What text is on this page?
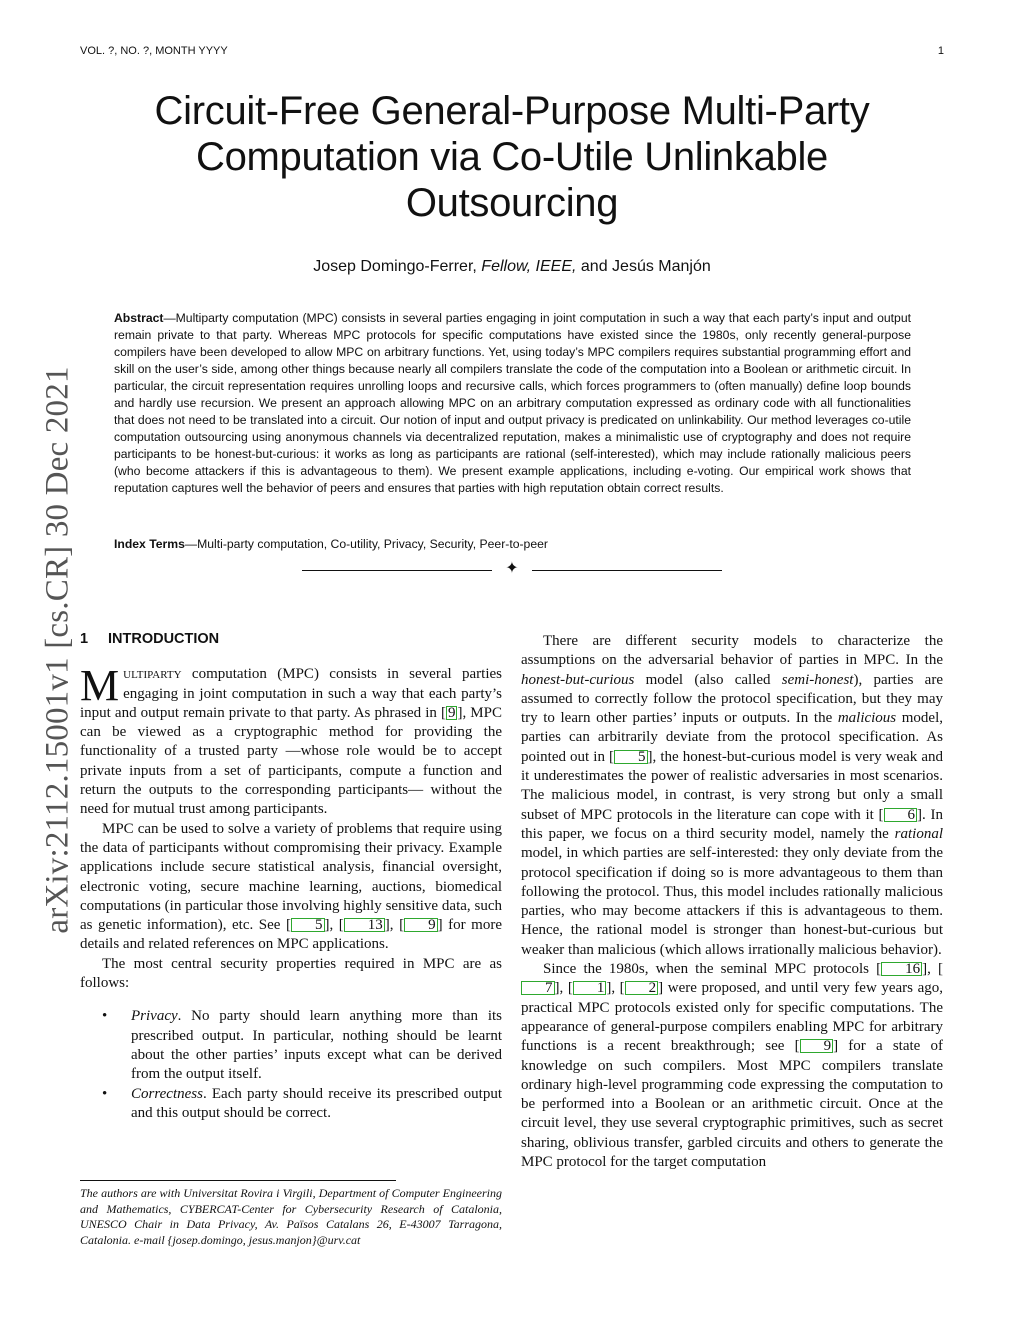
VOL. ?, NO. ?, MONTH YYYY	1
Circuit-Free General-Purpose Multi-Party Computation via Co-Utile Unlinkable Outsourcing
Josep Domingo-Ferrer, Fellow, IEEE, and Jesús Manjón
arXiv:2112.15001v1 [cs.CR] 30 Dec 2021

Abstract—Multiparty computation (MPC) consists in several parties engaging in joint computation in such a way that each party’s input and output remain private to that party. Whereas MPC protocols for specific computations have existed since the 1980s, only recently general-purpose compilers have been developed to allow MPC on arbitrary functions. Yet, using today’s MPC compilers requires substantial programming effort and skill on the user’s side, among other things because nearly all compilers translate the code of the computation into a Boolean or arithmetic circuit. In particular, the circuit representation requires unrolling loops and recursive calls, which forces programmers to (often manually) define loop bounds and hardly use recursion. We present an approach allowing MPC on an arbitrary computation expressed as ordinary code with all functionalities that does not need to be translated into a circuit. Our notion of input and output privacy is predicated on unlinkability. Our method leverages co-utile computation outsourcing using anonymous channels via decentralized reputation, makes a minimalistic use of cryptography and does not require participants to be honest-but-curious: it works as long as participants are rational (self-interested), which may include rationally malicious peers (who become attackers if this is advantageous to them). We present example applications, including e-voting. Our empirical work shows that reputation captures well the behavior of peers and ensures that parties with high reputation obtain correct results.

Index Terms—Multi-party computation, Co-utility, Privacy, Security, Peer-to-peer

✦
1 INTRODUCTION

Multiparty computation (MPC) consists in several parties engaging in joint computation in such a way that each party’s input and output remain private to that party. As phrased in [ 9 ], MPC can be viewed as a cryptographic method for providing the functionality of a trusted party —whose role would be to accept private inputs from a set of participants, compute a function and return the outputs to the corresponding participants— without the need for mutual trust among participants.

MPC can be used to solve a variety of problems that require using the data of participants without compromising their privacy. Example applications include secure statistical analysis, financial oversight, electronic voting, secure machine learning, auctions, biomedical computations (in particular those involving highly sensitive data, such as genetic information), etc. See [ 5 ], [ 13 ], [ 9 ] for more details and related references on MPC applications.

The most central security properties required in MPC are as follows:

• Privacy. No party should learn anything more than its prescribed output. In particular, nothing should be learnt about the other parties’ inputs except what can be derived from the output itself.
• Correctness. Each party should receive its prescribed output and this output should be correct.

The authors are with Universitat Rovira i Virgili, Department of Computer Engineering and Mathematics, CYBERCAT-Center for Cybersecurity Research of Catalonia, UNESCO Chair in Data Privacy, Av. Països Catalans 26, E-43007 Tarragona, Catalonia. e-mail {josep.domingo, jesus.manjon}@urv.cat

There are different security models to characterize the assumptions on the adversarial behavior of parties in MPC. In the honest-but-curious model (also called semi-honest), parties are assumed to correctly follow the protocol specification, but they may try to learn other parties’ inputs or outputs. In the malicious model, parties can arbitrarily deviate from the protocol specification. As pointed out in [ 5 ], the honest-but-curious model is very weak and it underestimates the power of realistic adversaries in most scenarios. The malicious model, in contrast, is very strong but only a small subset of MPC protocols in the literature can cope with it [ 6 ]. In this paper, we focus on a third security model, namely the rational model, in which parties are self-interested: they only deviate from the protocol specification if doing so is more advantageous to them than following the protocol. Thus, this model includes rationally malicious parties, who may become attackers if this is advantageous to them. Hence, the rational model is stronger than honest-but-curious but weaker than malicious (which allows irrationally malicious behavior).

Since the 1980s, when the seminal MPC protocols [ 16 ], [7 ], [ 1 ], [ 2 ] were proposed, and until very few years ago, practical MPC protocols existed only for specific computations. The appearance of general-purpose compilers enabling MPC for arbitrary functions is a recent breakthrough; see [ 9 ] for a state of knowledge on such compilers. Most MPC compilers translate ordinary high-level programming code expressing the computation to be performed into a Boolean or an arithmetic circuit. Once at the circuit level, they use several cryptographic primitives, such as secret sharing, oblivious transfer, garbled circuits and others to generate the MPC protocol for the target computation
